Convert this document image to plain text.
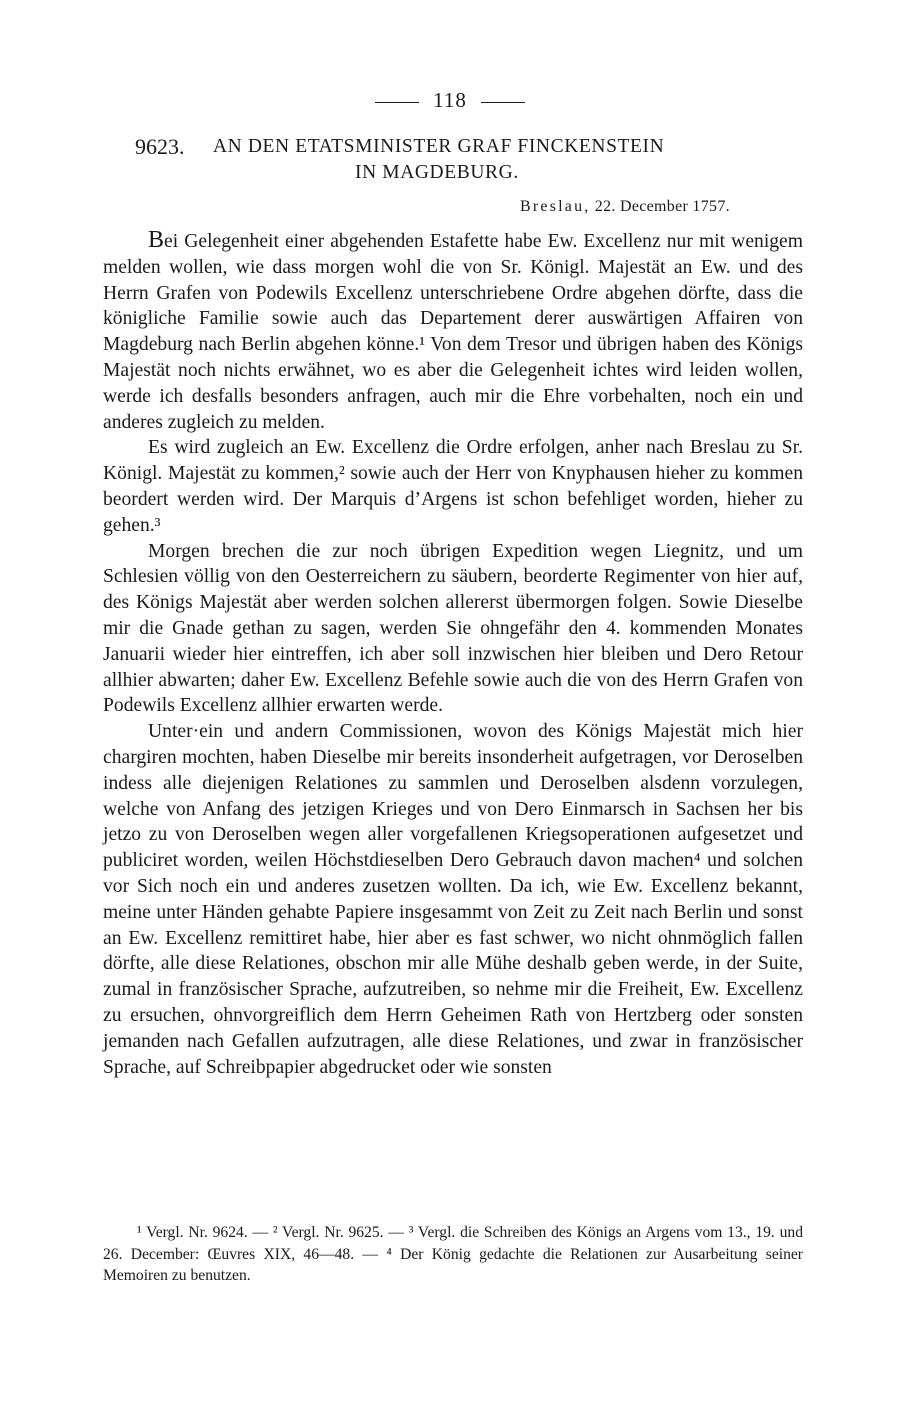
118
9623. AN DEN ETATSMINISTER GRAF FINCKENSTEIN
IN MAGDEBURG.
Breslau, 22. December 1757.

Bei Gelegenheit einer abgehenden Estafette habe Ew. Excellenz nur mit wenigem melden wollen, wie dass morgen wohl die von Sr. Königl. Majestät an Ew. und des Herrn Grafen von Podewils Excellenz unterschriebene Ordre abgehen dörfte, dass die königliche Familie sowie auch das Departement derer auswärtigen Affairen von Magdeburg nach Berlin abgehen könne.¹ Von dem Tresor und übrigen haben des Königs Majestät noch nichts erwähnet, wo es aber die Gelegenheit ichtes wird leiden wollen, werde ich desfalls besonders anfragen, auch mir die Ehre vorbehalten, noch ein und anderes zugleich zu melden.

Es wird zugleich an Ew. Excellenz die Ordre erfolgen, anher nach Breslau zu Sr. Königl. Majestät zu kommen,² sowie auch der Herr von Knyphausen hieher zu kommen beordert werden wird. Der Marquis d’Argens ist schon befehliget worden, hieher zu gehen.³

Morgen brechen die zur noch übrigen Expedition wegen Liegnitz, und um Schlesien völlig von den Oesterreichern zu säubern, beorderte Regimenter von hier auf, des Königs Majestät aber werden solchen allererst übermorgen folgen. Sowie Dieselbe mir die Gnade gethan zu sagen, werden Sie ohngefähr den 4. kommenden Monates Januarii wieder hier eintreffen, ich aber soll inzwischen hier bleiben und Dero Retour allhier abwarten; daher Ew. Excellenz Befehle sowie auch die von des Herrn Grafen von Podewils Excellenz allhier erwarten werde.

Unter·ein und andern Commissionen, wovon des Königs Majestät mich hier chargiren mochten, haben Dieselbe mir bereits insonderheit aufgetragen, vor Deroselben indess alle diejenigen Relationes zu sammlen und Deroselben alsdenn vorzulegen, welche von Anfang des jetzigen Krieges und von Dero Einmarsch in Sachsen her bis jetzo zu von Deroselben wegen aller vorgefallenen Kriegsoperationen aufgesetzet und publiciret worden, weilen Höchstdieselben Dero Gebrauch davon machen⁴ und solchen vor Sich noch ein und anderes zusetzen wollten. Da ich, wie Ew. Excellenz bekannt, meine unter Händen gehabte Papiere insgesammt von Zeit zu Zeit nach Berlin und sonst an Ew. Excellenz remittiret habe, hier aber es fast schwer, wo nicht ohnmöglich fallen dörfte, alle diese Relationes, obschon mir alle Mühe deshalb geben werde, in der Suite, zumal in französischer Sprache, aufzutreiben, so nehme mir die Freiheit, Ew. Excellenz zu ersuchen, ohnvorgreiflich dem Herrn Geheimen Rath von Hertzberg oder sonsten jemanden nach Gefallen aufzutragen, alle diese Relationes, und zwar in französischer Sprache, auf Schreibpapier abgedrucket oder wie sonsten

¹ Vergl. Nr. 9624. — ² Vergl. Nr. 9625. — ³ Vergl. die Schreiben des Königs an Argens vom 13., 19. und 26. December: Œuvres XIX, 46—48. — ⁴ Der König gedachte die Relationen zur Ausarbeitung seiner Memoiren zu benutzen.
